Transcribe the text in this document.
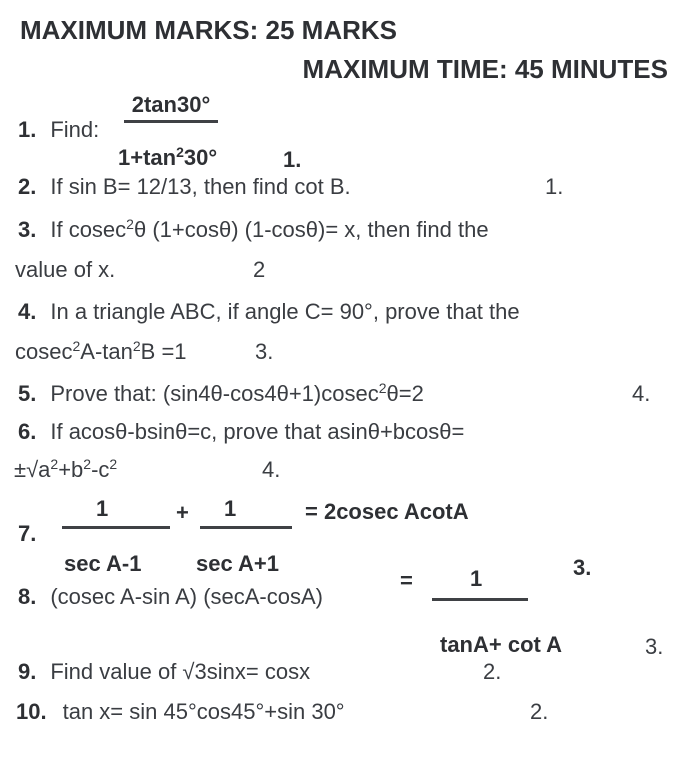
MAXIMUM MARKS: 25 MARKS
MAXIMUM TIME: 45 MINUTES
2tan30°
1. Find:
$1+\tan^230^\circ$	1.
2. If sin B= 12/13, then find cot B.	1.
3. If cosec$^2$θ (1+cosθ) (1-cosθ)= x, then find the
value of x.	2
4. In a triangle ABC, if angle C= 90°, prove that the
$cosec^2A-\tan^2B =1$	3.
5. Prove that: (sin4θ-cos4θ+1)cosec$^2$θ=2	4.
6. If acosθ-bsinθ=c, prove that asinθ+bcosθ=
$\pm√a^2+b^2-c^2$	4.
7.
1
sec A-1
+ 1
sec A+1
= 2cosec AcotA
3.
8. (cosec A-sin A) (secA-cosA)
=	1
tanA+ cot A	3.
9. Find value of √3sinx= cosx	2.
10. tan x= sin 45°cos45°+sin 30°	2.
